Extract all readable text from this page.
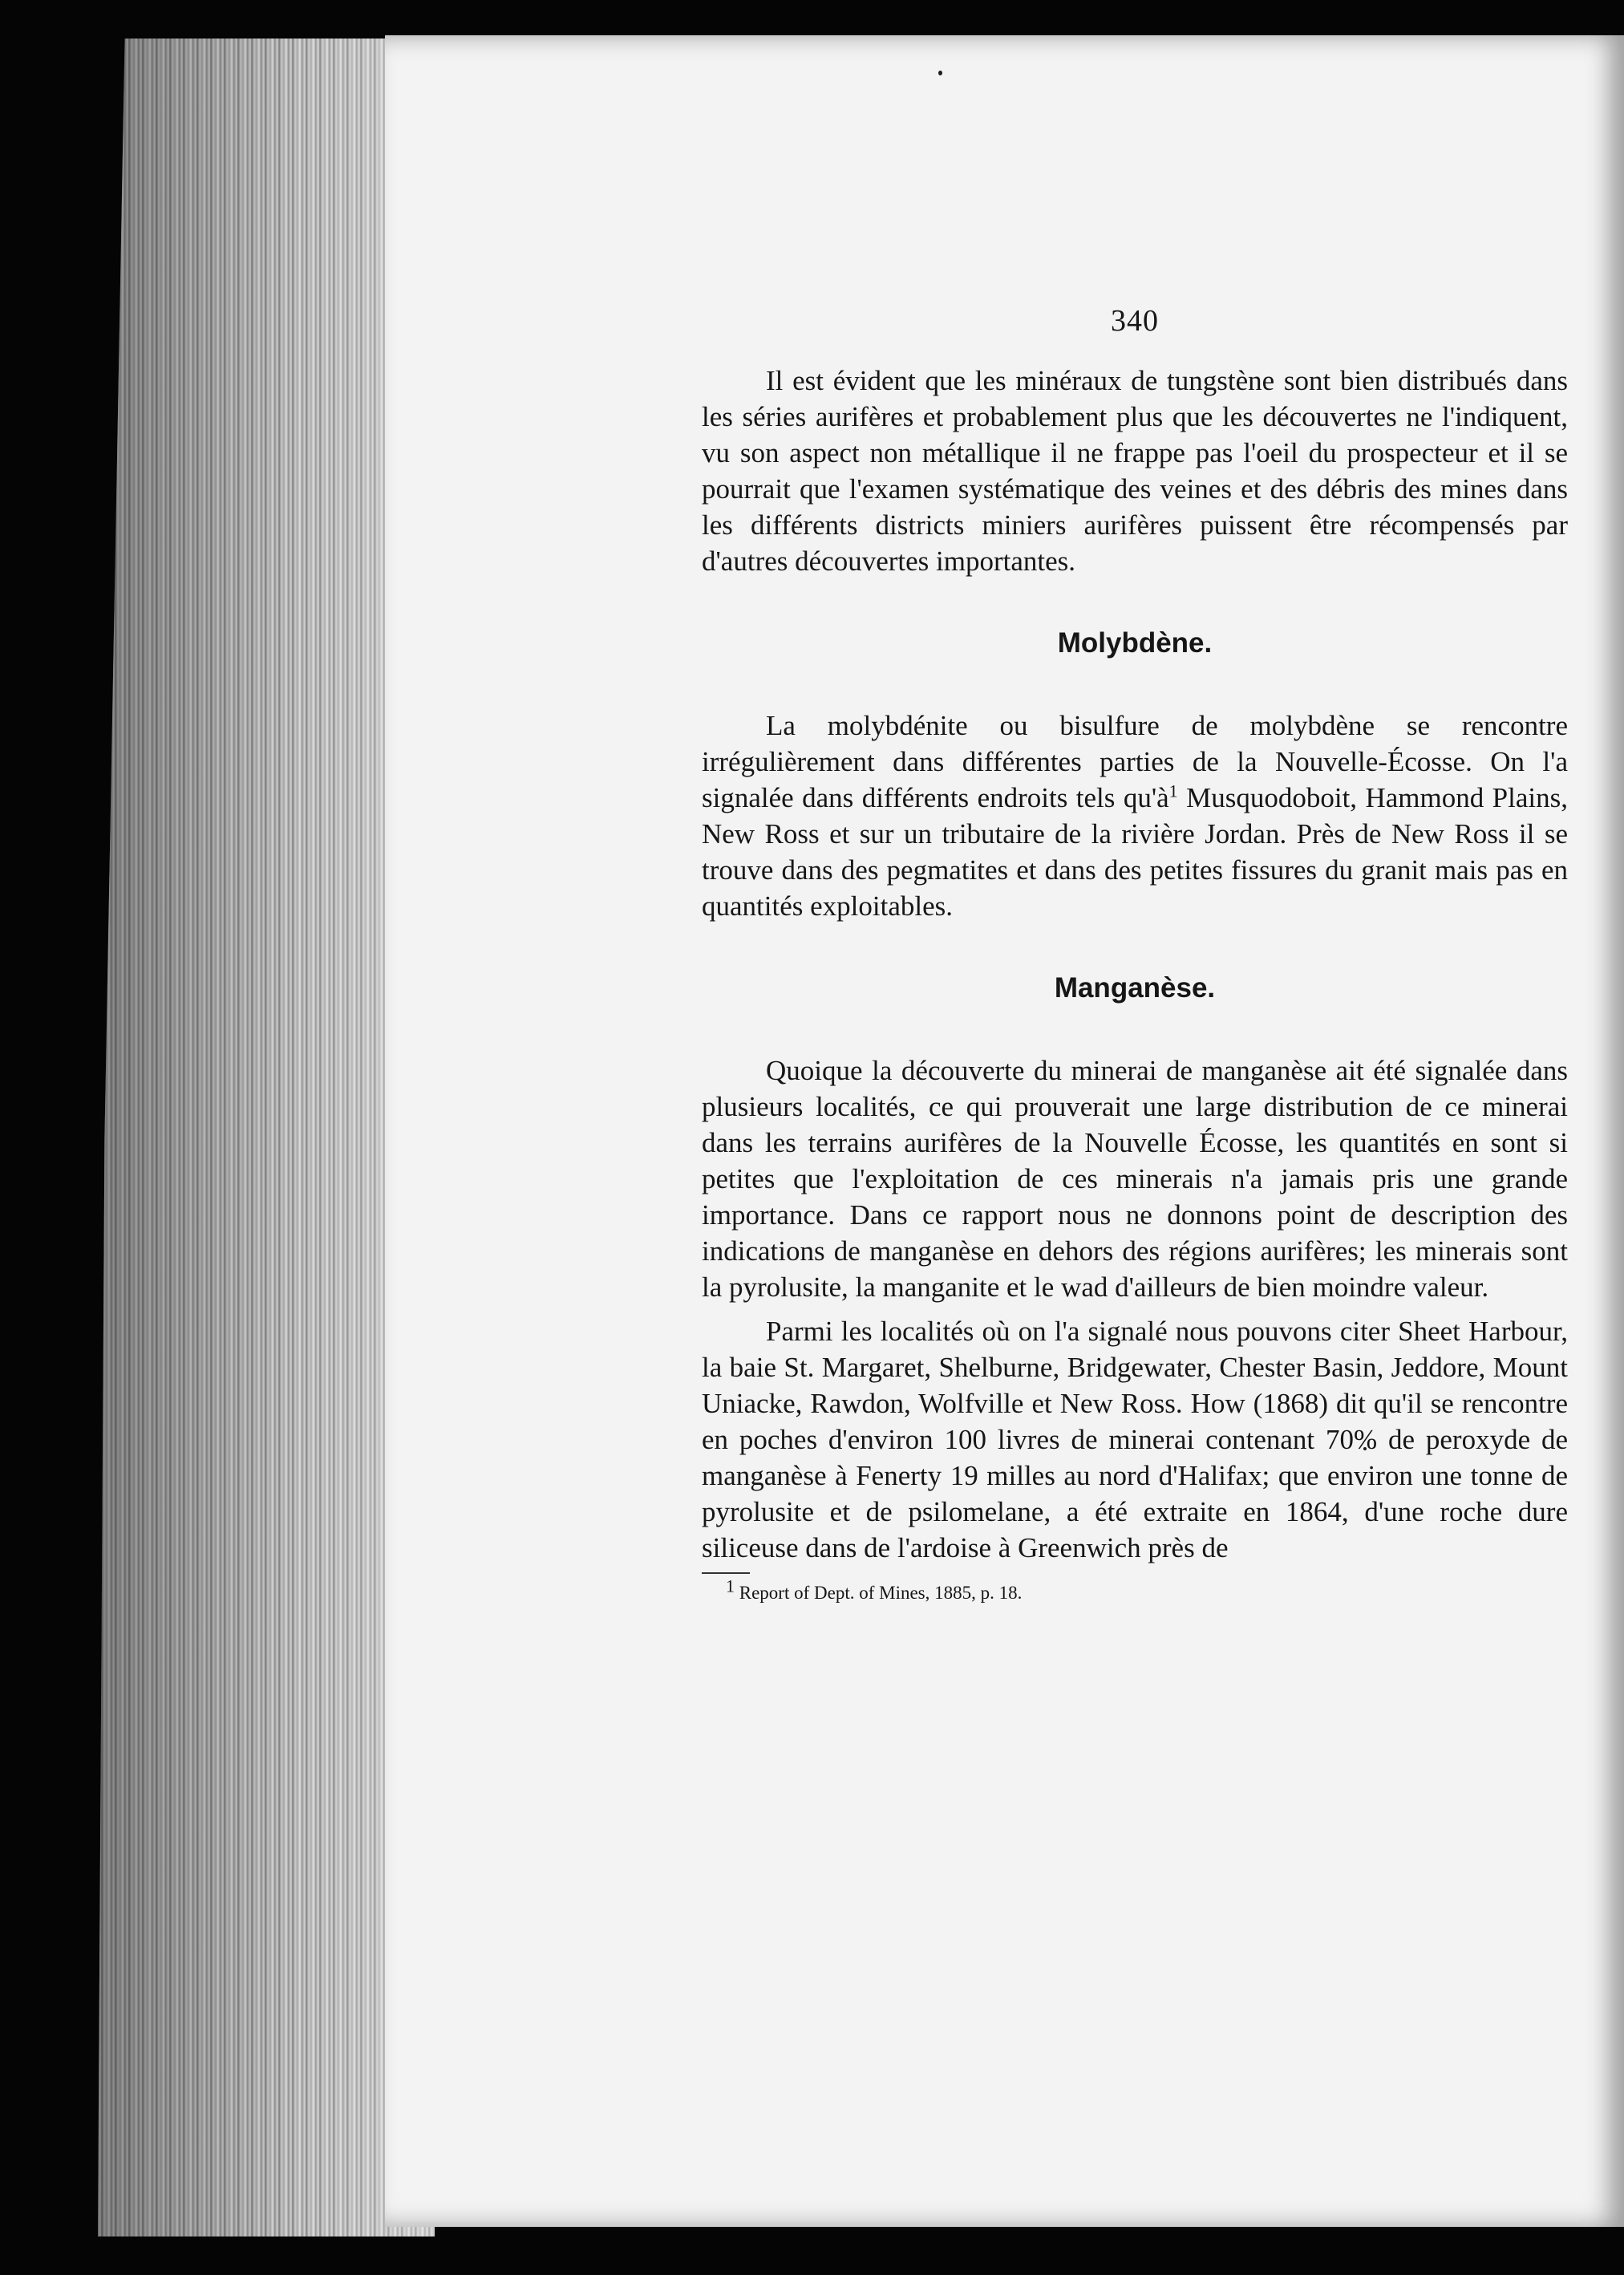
340

Il est évident que les minéraux de tungstène sont bien distribués dans les séries aurifères et probablement plus que les découvertes ne l'indiquent, vu son aspect non métallique il ne frappe pas l'oeil du prospecteur et il se pourrait que l'examen systématique des veines et des débris des mines dans les différents districts miniers aurifères puissent être récompensés par d'autres découvertes importantes.

Molybdène.

La molybdénite ou bisulfure de molybdène se rencontre irrégulièrement dans différentes parties de la Nouvelle-Écosse. On l'a signalée dans différents endroits tels $qu'à^1$ Musquodoboit, Hammond Plains, New Ross et sur un tributaire de la rivière Jordan. Près de New Ross il se trouve dans des pegmatites et dans des petites fissures du granit mais pas en quantités exploitables.

Manganèse.

Quoique la découverte du minerai de manganèse ait été signalée dans plusieurs localités, ce qui prouverait une large distribution de ce minerai dans les terrains aurifères de la Nouvelle Écosse, les quantités en sont si petites que l'exploitation de ces minerais n'a jamais pris une grande importance. Dans ce rapport nous ne donnons point de description des indications de manganèse en dehors des régions aurifères; les minerais sont la pyrolusite, la manganite et le wad d'ailleurs de bien moindre valeur.

Parmi les localités où on l'a signalé nous pouvons citer Sheet Harbour, la baie St. Margaret, Shelburne, Bridgewater, Chester Basin, Jeddore, Mount Uniacke, Rawdon, Wolfville et New Ross. How (1868) dit qu'il se rencontre en poches d'environ 100 livres de minerai contenant 70% de peroxyde de manganèse à Fenerty 19 milles au nord d'Halifax; que environ une tonne de pyrolusite et de psilomelane, a été extraite en 1864, d'une roche dure siliceuse dans de l'ardoise à Greenwich près de

$^1$ Report of Dept. of Mines, 1885, p. 18.
